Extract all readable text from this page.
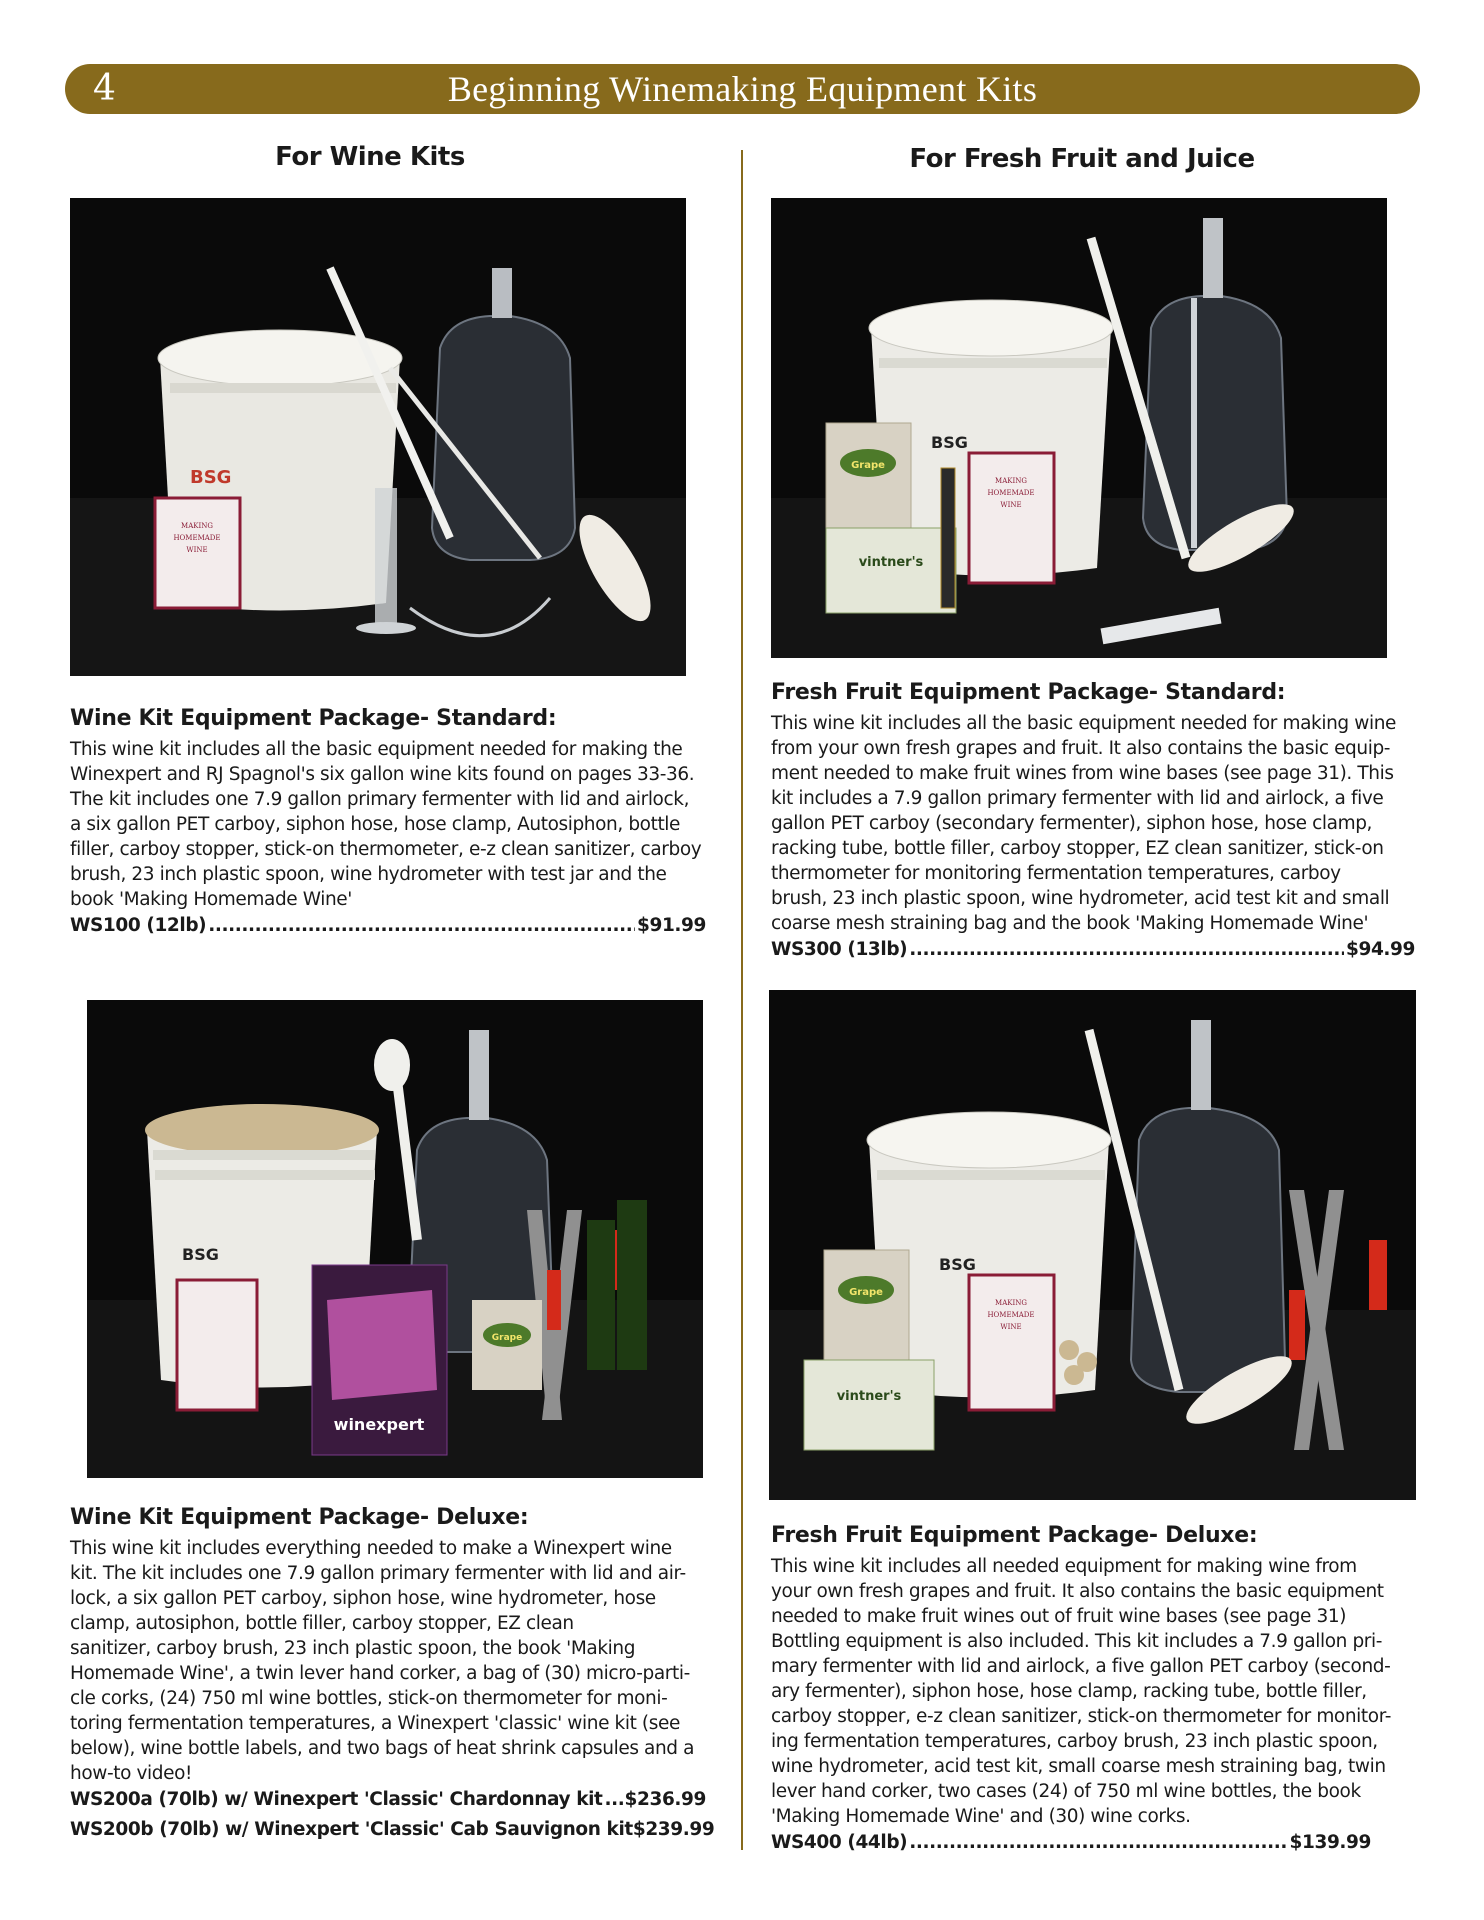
4	Beginning Winemaking Equipment Kits
For Wine Kits	For Fresh Fruit and Juice
BSG
MAKING
HOMEMADE
WINE
BSG
Grape
vintner's
MAKING
HOMEMADE
WINE
Wine Kit Equipment Package- Standard:

This wine kit includes all the basic equipment needed for making the
Winexpert and RJ Spagnol's six gallon wine kits found on pages 33-36.
The kit includes one 7.9 gallon primary fermenter with lid and airlock,
a six gallon PET carboy, siphon hose, hose clamp, Autosiphon, bottle
filler, carboy stopper, stick-on thermometer, e-z clean sanitizer, carboy
brush, 23 inch plastic spoon, wine hydrometer with test jar and the
book 'Making Homemade Wine'

WS100 (12lb) .....	$91.99
Fresh Fruit Equipment Package- Standard:

This wine kit includes all the basic equipment needed for making wine
from your own fresh grapes and fruit. It also contains the basic equip-
ment needed to make fruit wines from wine bases (see page 31). This
kit includes a 7.9 gallon primary fermenter with lid and airlock, a five
gallon PET carboy (secondary fermenter), siphon hose, hose clamp,
racking tube, bottle filler, carboy stopper, EZ clean sanitizer, stick-on
thermometer for monitoring fermentation temperatures, carboy
brush, 23 inch plastic spoon, wine hydrometer, acid test kit and small
coarse mesh straining bag and the book 'Making Homemade Wine'

WS300 (13lb) .....	$94.99
BSG
winexpert
Grape
BSG
Grape
vintner's
MAKING
HOMEMADE
WINE
Wine Kit Equipment Package- Deluxe:

This wine kit includes everything needed to make a Winexpert wine
kit. The kit includes one 7.9 gallon primary fermenter with lid and air-
lock, a six gallon PET carboy, siphon hose, wine hydrometer, hose
clamp, autosiphon, bottle filler, carboy stopper, EZ clean
sanitizer, carboy brush, 23 inch plastic spoon, the book 'Making
Homemade Wine', a twin lever hand corker, a bag of (30) micro-parti-
cle corks, (24) 750 ml wine bottles, stick-on thermometer for moni-
toring fermentation temperatures, a Winexpert 'classic' wine kit (see
below), wine bottle labels, and two bags of heat shrink capsules and a
how-to video!

WS200a (70lb) w/ Winexpert 'Classic' Chardonnay kit ..... $236.99
WS200b (70lb) w/ Winexpert 'Classic' Cab Sauvignon kit $239.99
Fresh Fruit Equipment Package- Deluxe:

This wine kit includes all needed equipment for making wine from
your own fresh grapes and fruit. It also contains the basic equipment
needed to make fruit wines out of fruit wine bases (see page 31)
Bottling equipment is also included. This kit includes a 7.9 gallon pri-
mary fermenter with lid and airlock, a five gallon PET carboy (second-
ary fermenter), siphon hose, hose clamp, racking tube, bottle filler,
carboy stopper, e-z clean sanitizer, stick-on thermometer for monitor-
ing fermentation temperatures, carboy brush, 23 inch plastic spoon,
wine hydrometer, acid test kit, small coarse mesh straining bag, twin
lever hand corker, two cases (24) of 750 ml wine bottles, the book
'Making Homemade Wine' and (30) wine corks.

WS400 (44lb) .....	$139.99
